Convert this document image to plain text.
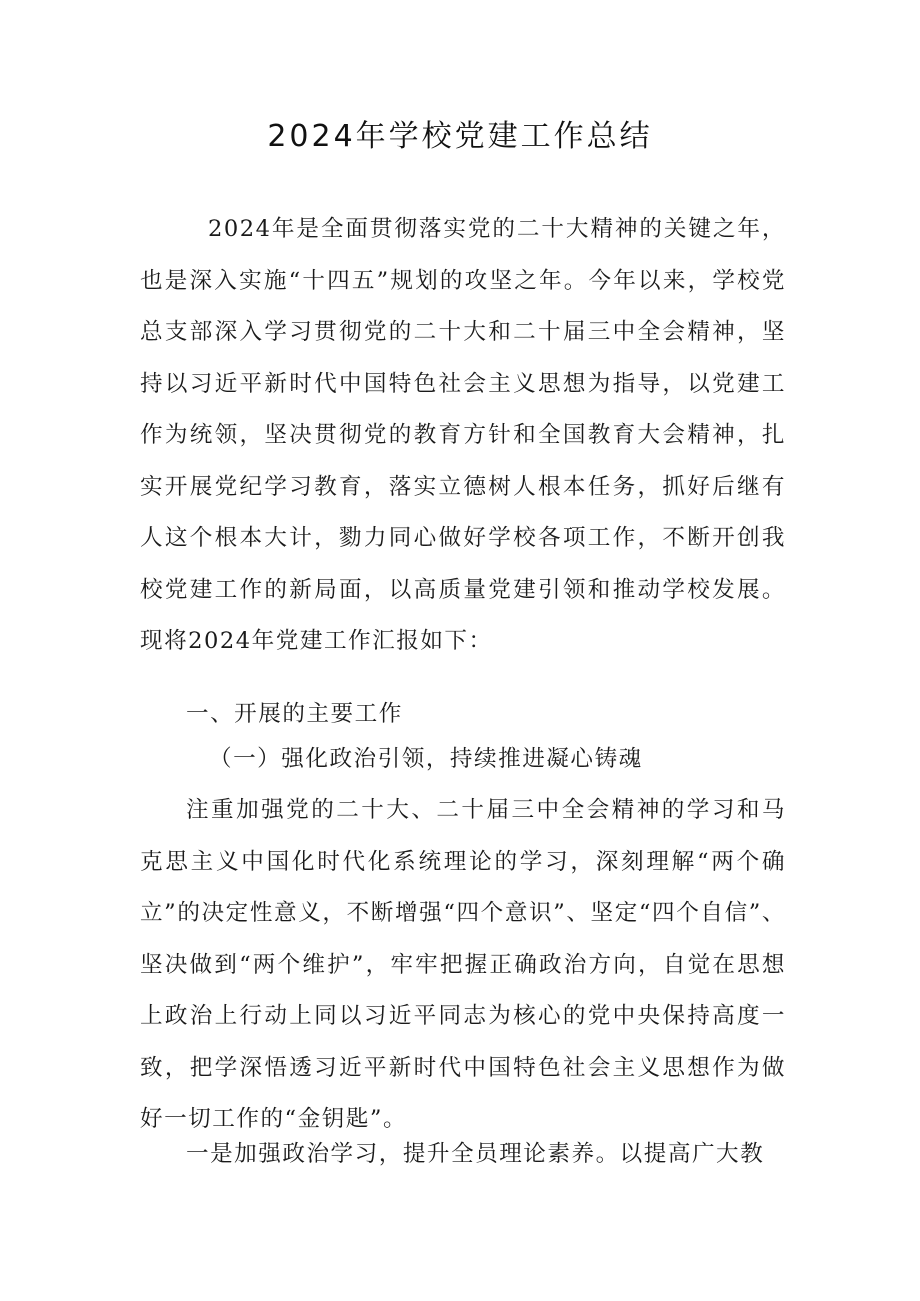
2024年学校党建工作总结

2024年是全面贯彻落实党的二十大精神的关键之年，也是深入实施“十四五”规划的攻坚之年。今年以来，学校党总支部深入学习贯彻党的二十大和二十届三中全会精神，坚持以习近平新时代中国特色社会主义思想为指导，以党建工作为统领，坚决贯彻党的教育方针和全国教育大会精神，扎实开展党纪学习教育，落实立德树人根本任务，抓好后继有人这个根本大计，勠力同心做好学校各项工作，不断开创我校党建工作的新局面，以高质量党建引领和推动学校发展。现将2024年党建工作汇报如下：

一、开展的主要工作

（一）强化政治引领，持续推进凝心铸魂

注重加强党的二十大、二十届三中全会精神的学习和马克思主义中国化时代化系统理论的学习，深刻理解“两个确立”的决定性意义，不断增强“四个意识”、坚定“四个自信”、坚决做到“两个维护”，牢牢把握正确政治方向，自觉在思想上政治上行动上同以习近平同志为核心的党中央保持高度一致，把学深悟透习近平新时代中国特色社会主义思想作为做好一切工作的“金钥匙”。

一是加强政治学习，提升全员理论素养。以提高广大教
